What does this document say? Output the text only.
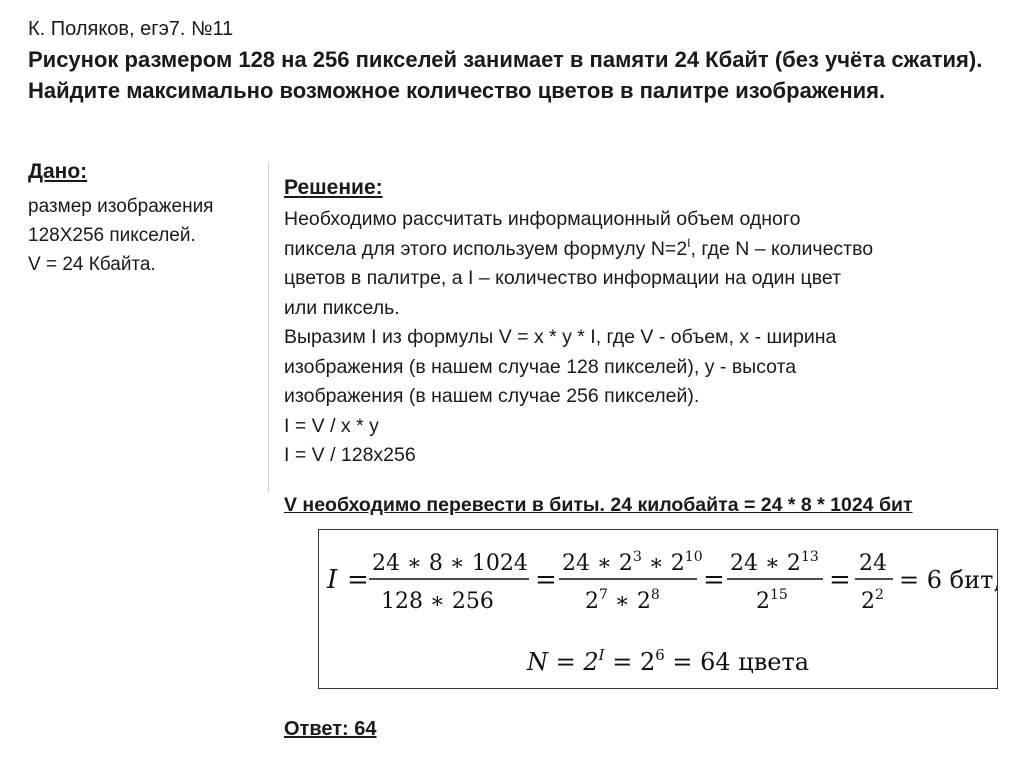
К. Поляков, егэ7. №11
Рисунок размером 128 на 256 пикселей занимает в памяти 24 Кбайт (без учёта сжатия). Найдите максимально возможное количество цветов в палитре изображения.
Дано:
размер изображения
128X256 пикселей.
V = 24 Кбайта.
Решение:
Необходимо рассчитать информационный объем одного
пиксела для этого используем формулу $N=2^I$, где N – количество
цветов в палитре, а I – количество информации на один цвет
или пиксель.
Выразим I из формулы V = x * y * I, где V - объем, x - ширина
изображения (в нашем случае 128 пикселей), y - высота
изображения (в нашем случае 256 пикселей).
I = V / x * y
I = V / 128x256
V необходимо перевести в биты. 24 килобайта = 24 * 8 * 1024 бит
I =
24 ∗ 8 ∗ 1024
128 ∗ 256
=
24 ∗ $2^3$ ∗ $2^{10}$
$2^7$ ∗ $2^8$ =
24 ∗ $2^{13}$
$2^{15}$ =
24
$2^2$
= 6 бит,
$N = 2^I = 2^6 = 64$ цвета
Ответ: 64
